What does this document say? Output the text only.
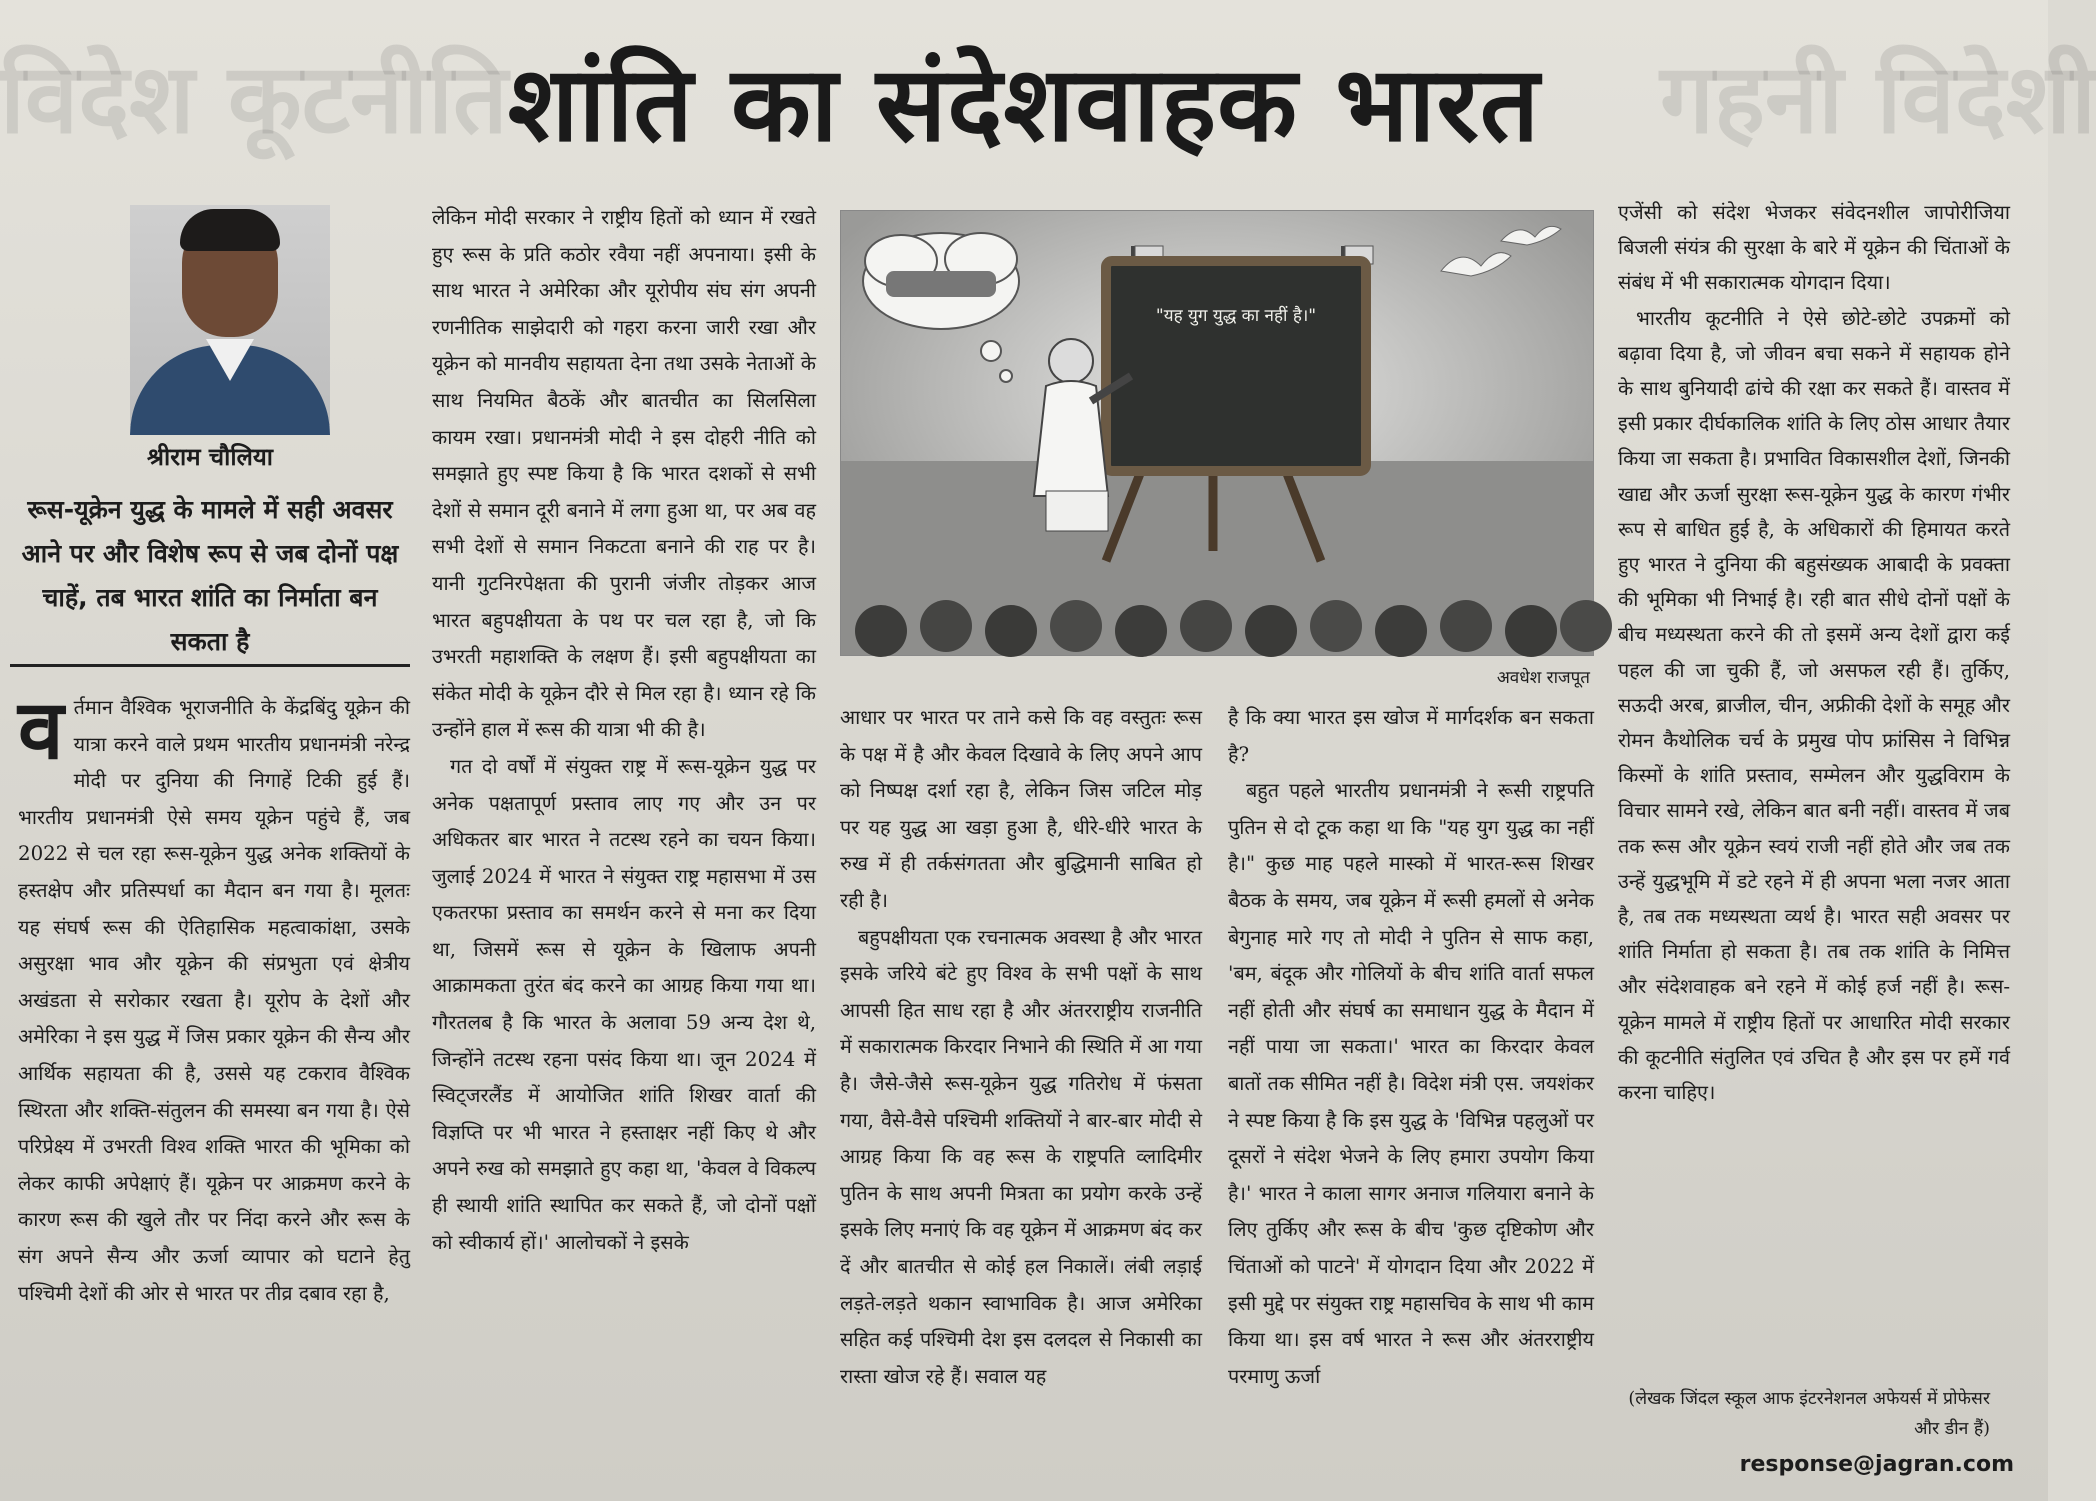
विदेश कूटनीति	गहनी विदेशी
शांति का संदेशवाहक भारत
श्रीराम चौलिया
रूस-यूक्रेन युद्ध के मामले में सही अवसर आने पर और विशेष रूप से जब दोनों पक्ष चाहें, तब भारत शांति का निर्माता बन सकता है

वर्तमान वैश्विक भूराजनीति के केंद्रबिंदु यूक्रेन की यात्रा करने वाले प्रथम भारतीय प्रधानमंत्री नरेन्द्र मोदी पर दुनिया की निगाहें टिकी हुई हैं। भारतीय प्रधानमंत्री ऐसे समय यूक्रेन पहुंचे हैं, जब 2022 से चल रहा रूस-यूक्रेन युद्ध अनेक शक्तियों के हस्तक्षेप और प्रतिस्पर्धा का मैदान बन गया है। मूलतः यह संघर्ष रूस की ऐतिहासिक महत्वाकांक्षा, उसके असुरक्षा भाव और यूक्रेन की संप्रभुता एवं क्षेत्रीय अखंडता से सरोकार रखता है। यूरोप के देशों और अमेरिका ने इस युद्ध में जिस प्रकार यूक्रेन की सैन्य और आर्थिक सहायता की है, उससे यह टकराव वैश्विक स्थिरता और शक्ति-संतुलन की समस्या बन गया है। ऐसे परिप्रेक्ष्य में उभरती विश्व शक्ति भारत की भूमिका को लेकर काफी अपेक्षाएं हैं। यूक्रेन पर आक्रमण करने के कारण रूस की खुले तौर पर निंदा करने और रूस के संग अपने सैन्य और ऊर्जा व्यापार को घटाने हेतु पश्चिमी देशों की ओर से भारत पर तीव्र दबाव रहा है,

लेकिन मोदी सरकार ने राष्ट्रीय हितों को ध्यान में रखते हुए रूस के प्रति कठोर रवैया नहीं अपनाया। इसी के साथ भारत ने अमेरिका और यूरोपीय संघ संग अपनी रणनीतिक साझेदारी को गहरा करना जारी रखा और यूक्रेन को मानवीय सहायता देना तथा उसके नेताओं के साथ नियमित बैठकें और बातचीत का सिलसिला कायम रखा। प्रधानमंत्री मोदी ने इस दोहरी नीति को समझाते हुए स्पष्ट किया है कि भारत दशकों से सभी देशों से समान दूरी बनाने में लगा हुआ था, पर अब वह सभी देशों से समान निकटता बनाने की राह पर है। यानी गुटनिरपेक्षता की पुरानी जंजीर तोड़कर आज भारत बहुपक्षीयता के पथ पर चल रहा है, जो कि उभरती महाशक्ति के लक्षण हैं। इसी बहुपक्षीयता का संकेत मोदी के यूक्रेन दौरे से मिल रहा है। ध्यान रहे कि उन्होंने हाल में रूस की यात्रा भी की है।

गत दो वर्षों में संयुक्त राष्ट्र में रूस-यूक्रेन युद्ध पर अनेक पक्षतापूर्ण प्रस्ताव लाए गए और उन पर अधिकतर बार भारत ने तटस्थ रहने का चयन किया। जुलाई 2024 में भारत ने संयुक्त राष्ट्र महासभा में उस एकतरफा प्रस्ताव का समर्थन करने से मना कर दिया था, जिसमें रूस से यूक्रेन के खिलाफ अपनी आक्रामकता तुरंत बंद करने का आग्रह किया गया था। गौरतलब है कि भारत के अलावा 59 अन्य देश थे, जिन्होंने तटस्थ रहना पसंद किया था। जून 2024 में स्विट्जरलैंड में आयोजित शांति शिखर वार्ता की विज्ञप्ति पर भी भारत ने हस्ताक्षर नहीं किए थे और अपने रुख को समझाते हुए कहा था, 'केवल वे विकल्प ही स्थायी शांति स्थापित कर सकते हैं, जो दोनों पक्षों को स्वीकार्य हों।' आलोचकों ने इसके

"यह युग युद्ध का नहीं है।"
अवधेश राजपूत

आधार पर भारत पर ताने कसे कि वह वस्तुतः रूस के पक्ष में है और केवल दिखावे के लिए अपने आप को निष्पक्ष दर्शा रहा है, लेकिन जिस जटिल मोड़ पर यह युद्ध आ खड़ा हुआ है, धीरे-धीरे भारत के रुख में ही तर्कसंगतता और बुद्धिमानी साबित हो रही है।

बहुपक्षीयता एक रचनात्मक अवस्था है और भारत इसके जरिये बंटे हुए विश्व के सभी पक्षों के साथ आपसी हित साध रहा है और अंतरराष्ट्रीय राजनीति में सकारात्मक किरदार निभाने की स्थिति में आ गया है। जैसे-जैसे रूस-यूक्रेन युद्ध गतिरोध में फंसता गया, वैसे-वैसे पश्चिमी शक्तियों ने बार-बार मोदी से आग्रह किया कि वह रूस के राष्ट्रपति व्लादिमीर पुतिन के साथ अपनी मित्रता का प्रयोग करके उन्हें इसके लिए मनाएं कि वह यूक्रेन में आक्रमण बंद कर दें और बातचीत से कोई हल निकालें। लंबी लड़ाई लड़ते-लड़ते थकान स्वाभाविक है। आज अमेरिका सहित कई पश्चिमी देश इस दलदल से निकासी का रास्ता खोज रहे हैं। सवाल यह

है कि क्या भारत इस खोज में मार्गदर्शक बन सकता है?

बहुत पहले भारतीय प्रधानमंत्री ने रूसी राष्ट्रपति पुतिन से दो टूक कहा था कि "यह युग युद्ध का नहीं है।" कुछ माह पहले मास्को में भारत-रूस शिखर बैठक के समय, जब यूक्रेन में रूसी हमलों से अनेक बेगुनाह मारे गए तो मोदी ने पुतिन से साफ कहा, 'बम, बंदूक और गोलियों के बीच शांति वार्ता सफल नहीं होती और संघर्ष का समाधान युद्ध के मैदान में नहीं पाया जा सकता।' भारत का किरदार केवल बातों तक सीमित नहीं है। विदेश मंत्री एस. जयशंकर ने स्पष्ट किया है कि इस युद्ध के 'विभिन्न पहलुओं पर दूसरों ने संदेश भेजने के लिए हमारा उपयोग किया है।' भारत ने काला सागर अनाज गलियारा बनाने के लिए तुर्किए और रूस के बीच 'कुछ दृष्टिकोण और चिंताओं को पाटने' में योगदान दिया और 2022 में इसी मुद्दे पर संयुक्त राष्ट्र महासचिव के साथ भी काम किया था। इस वर्ष भारत ने रूस और अंतरराष्ट्रीय परमाणु ऊर्जा

एजेंसी को संदेश भेजकर संवेदनशील जापोरीजिया बिजली संयंत्र की सुरक्षा के बारे में यूक्रेन की चिंताओं के संबंध में भी सकारात्मक योगदान दिया।

भारतीय कूटनीति ने ऐसे छोटे-छोटे उपक्रमों को बढ़ावा दिया है, जो जीवन बचा सकने में सहायक होने के साथ बुनियादी ढांचे की रक्षा कर सकते हैं। वास्तव में इसी प्रकार दीर्घकालिक शांति के लिए ठोस आधार तैयार किया जा सकता है। प्रभावित विकासशील देशों, जिनकी खाद्य और ऊर्जा सुरक्षा रूस-यूक्रेन युद्ध के कारण गंभीर रूप से बाधित हुई है, के अधिकारों की हिमायत करते हुए भारत ने दुनिया की बहुसंख्यक आबादी के प्रवक्ता की भूमिका भी निभाई है। रही बात सीधे दोनों पक्षों के बीच मध्यस्थता करने की तो इसमें अन्य देशों द्वारा कई पहल की जा चुकी हैं, जो असफल रही हैं। तुर्किए, सऊदी अरब, ब्राजील, चीन, अफ्रीकी देशों के समूह और रोमन कैथोलिक चर्च के प्रमुख पोप फ्रांसिस ने विभिन्न किस्मों के शांति प्रस्ताव, सम्मेलन और युद्धविराम के विचार सामने रखे, लेकिन बात बनी नहीं। वास्तव में जब तक रूस और यूक्रेन स्वयं राजी नहीं होते और जब तक उन्हें युद्धभूमि में डटे रहने में ही अपना भला नजर आता है, तब तक मध्यस्थता व्यर्थ है। भारत सही अवसर पर शांति निर्माता हो सकता है। तब तक शांति के निमित्त और संदेशवाहक बने रहने में कोई हर्ज नहीं है। रूस-यूक्रेन मामले में राष्ट्रीय हितों पर आधारित मोदी सरकार की कूटनीति संतुलित एवं उचित है और इस पर हमें गर्व करना चाहिए।

(लेखक जिंदल स्कूल आफ इंटरनेशनल अफेयर्स में प्रोफेसर और डीन हैं)
response@jagran.com
